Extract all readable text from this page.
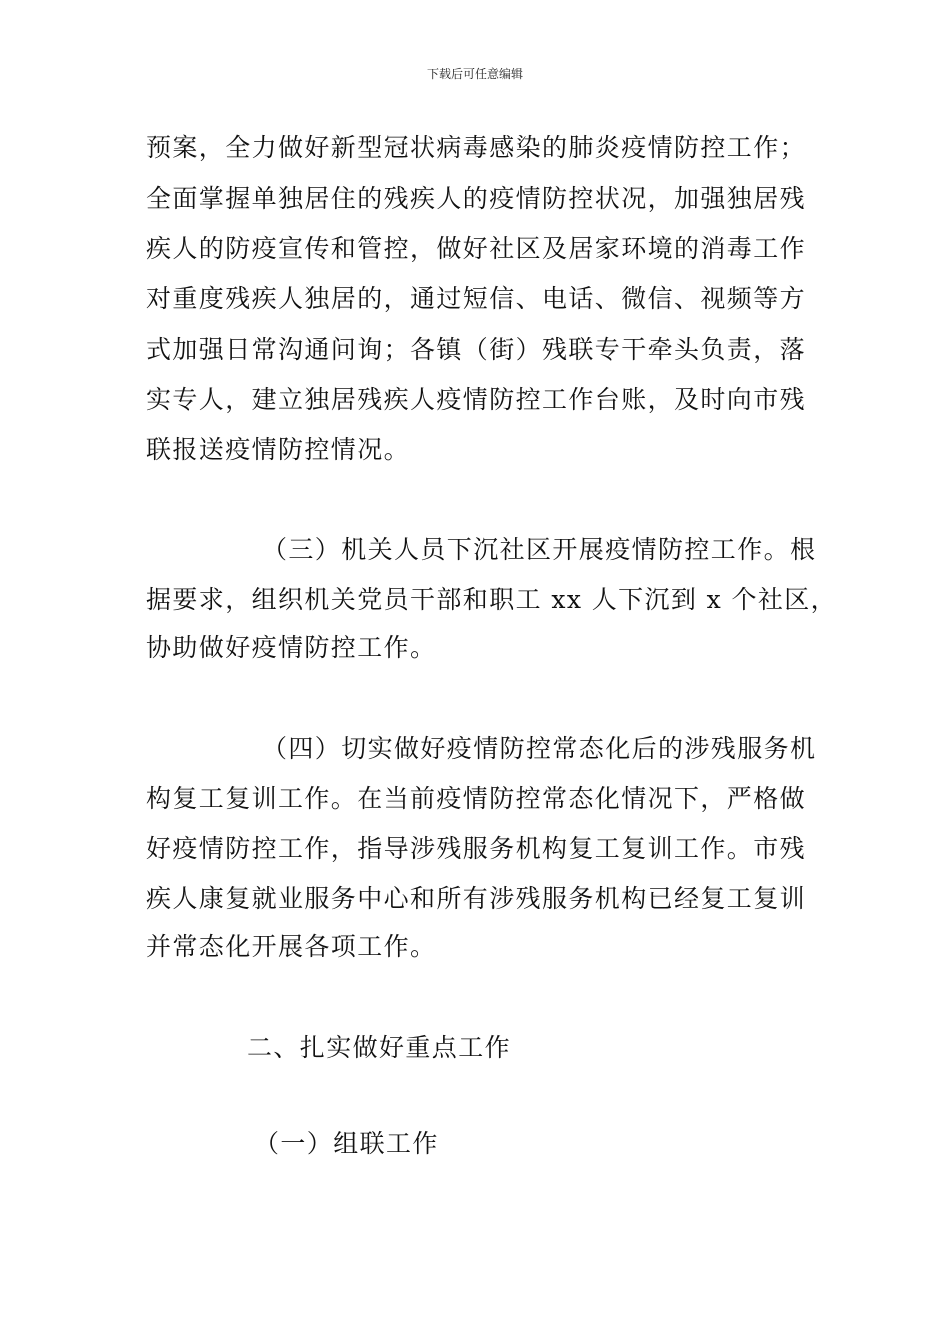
下载后可任意编辑
预案，全力做好新型冠状病毒感染的肺炎疫情防控工作；
全面掌握单独居住的残疾人的疫情防控状况，加强独居残
疾人的防疫宣传和管控，做好社区及居家环境的消毒工作
对重度残疾人独居的，通过短信、电话、微信、视频等方
式加强日常沟通问询；各镇（街）残联专干牵头负责，落
实专人，建立独居残疾人疫情防控工作台账，及时向市残
联报送疫情防控情况。
（三）机关人员下沉社区开展疫情防控工作。根
据要求，组织机关党员干部和职工 xx 人下沉到 x 个社区，
协助做好疫情防控工作。
（四）切实做好疫情防控常态化后的涉残服务机
构复工复训工作。在当前疫情防控常态化情况下，严格做
好疫情防控工作，指导涉残服务机构复工复训工作。市残
疾人康复就业服务中心和所有涉残服务机构已经复工复训
并常态化开展各项工作。
二、扎实做好重点工作
（一）组联工作
